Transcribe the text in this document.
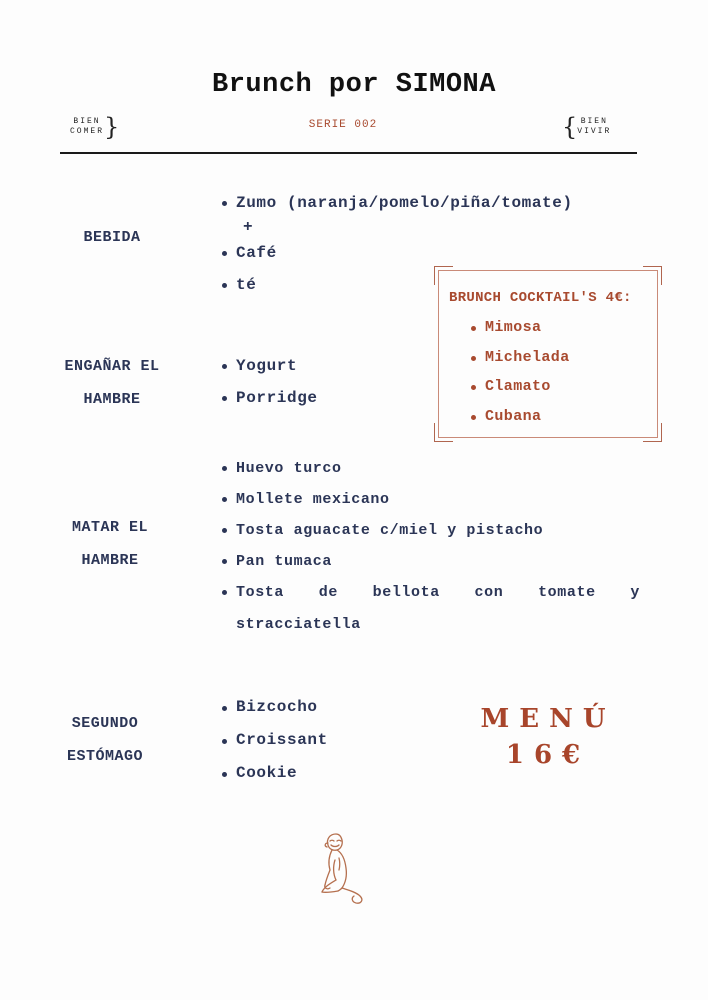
Brunch por SIMONA
BIEN
COMER }	SERIE 002	{ BIEN
VIVIR
BEBIDA
Zumo (naranja/pomelo/piña/tomate)
Café
té
+
ENGAÑAR EL
HAMBRE
Yogurt
Porridge
BRUNCH COCKTAIL'S 4€:
Mimosa
Michelada
Clamato
Cubana
MATAR EL
HAMBRE
Huevo turco
Mollete mexicano
Tosta aguacate c/miel y pistacho
Pan tumaca
Tosta de bellota con tomate y
stracciatella
SEGUNDO
ESTÓMAGO
Bizcocho
Croissant
Cookie
MENÚ
16€
